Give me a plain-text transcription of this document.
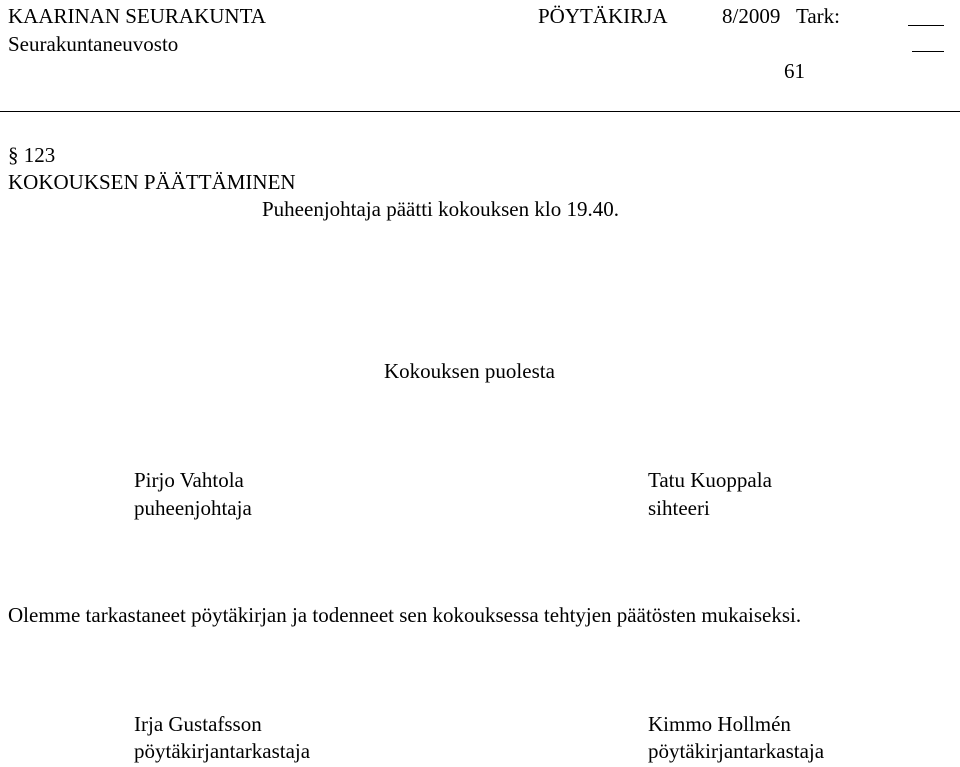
KAARINAN SEURAKUNTA	PÖYTÄKIRJA	8/2009 Tark:
Seurakuntaneuvosto
61
§ 123
KOKOUKSEN PÄÄTTÄMINEN
Puheenjohtaja päätti kokouksen klo 19.40.
Kokouksen puolesta
Pirjo Vahtola
puheenjohtaja
Tatu Kuoppala
sihteeri
Olemme tarkastaneet pöytäkirjan ja todenneet sen kokouksessa tehtyjen päätösten mukaiseksi.
Irja Gustafsson
pöytäkirjantarkastaja
Kimmo Hollmén
pöytäkirjantarkastaja
